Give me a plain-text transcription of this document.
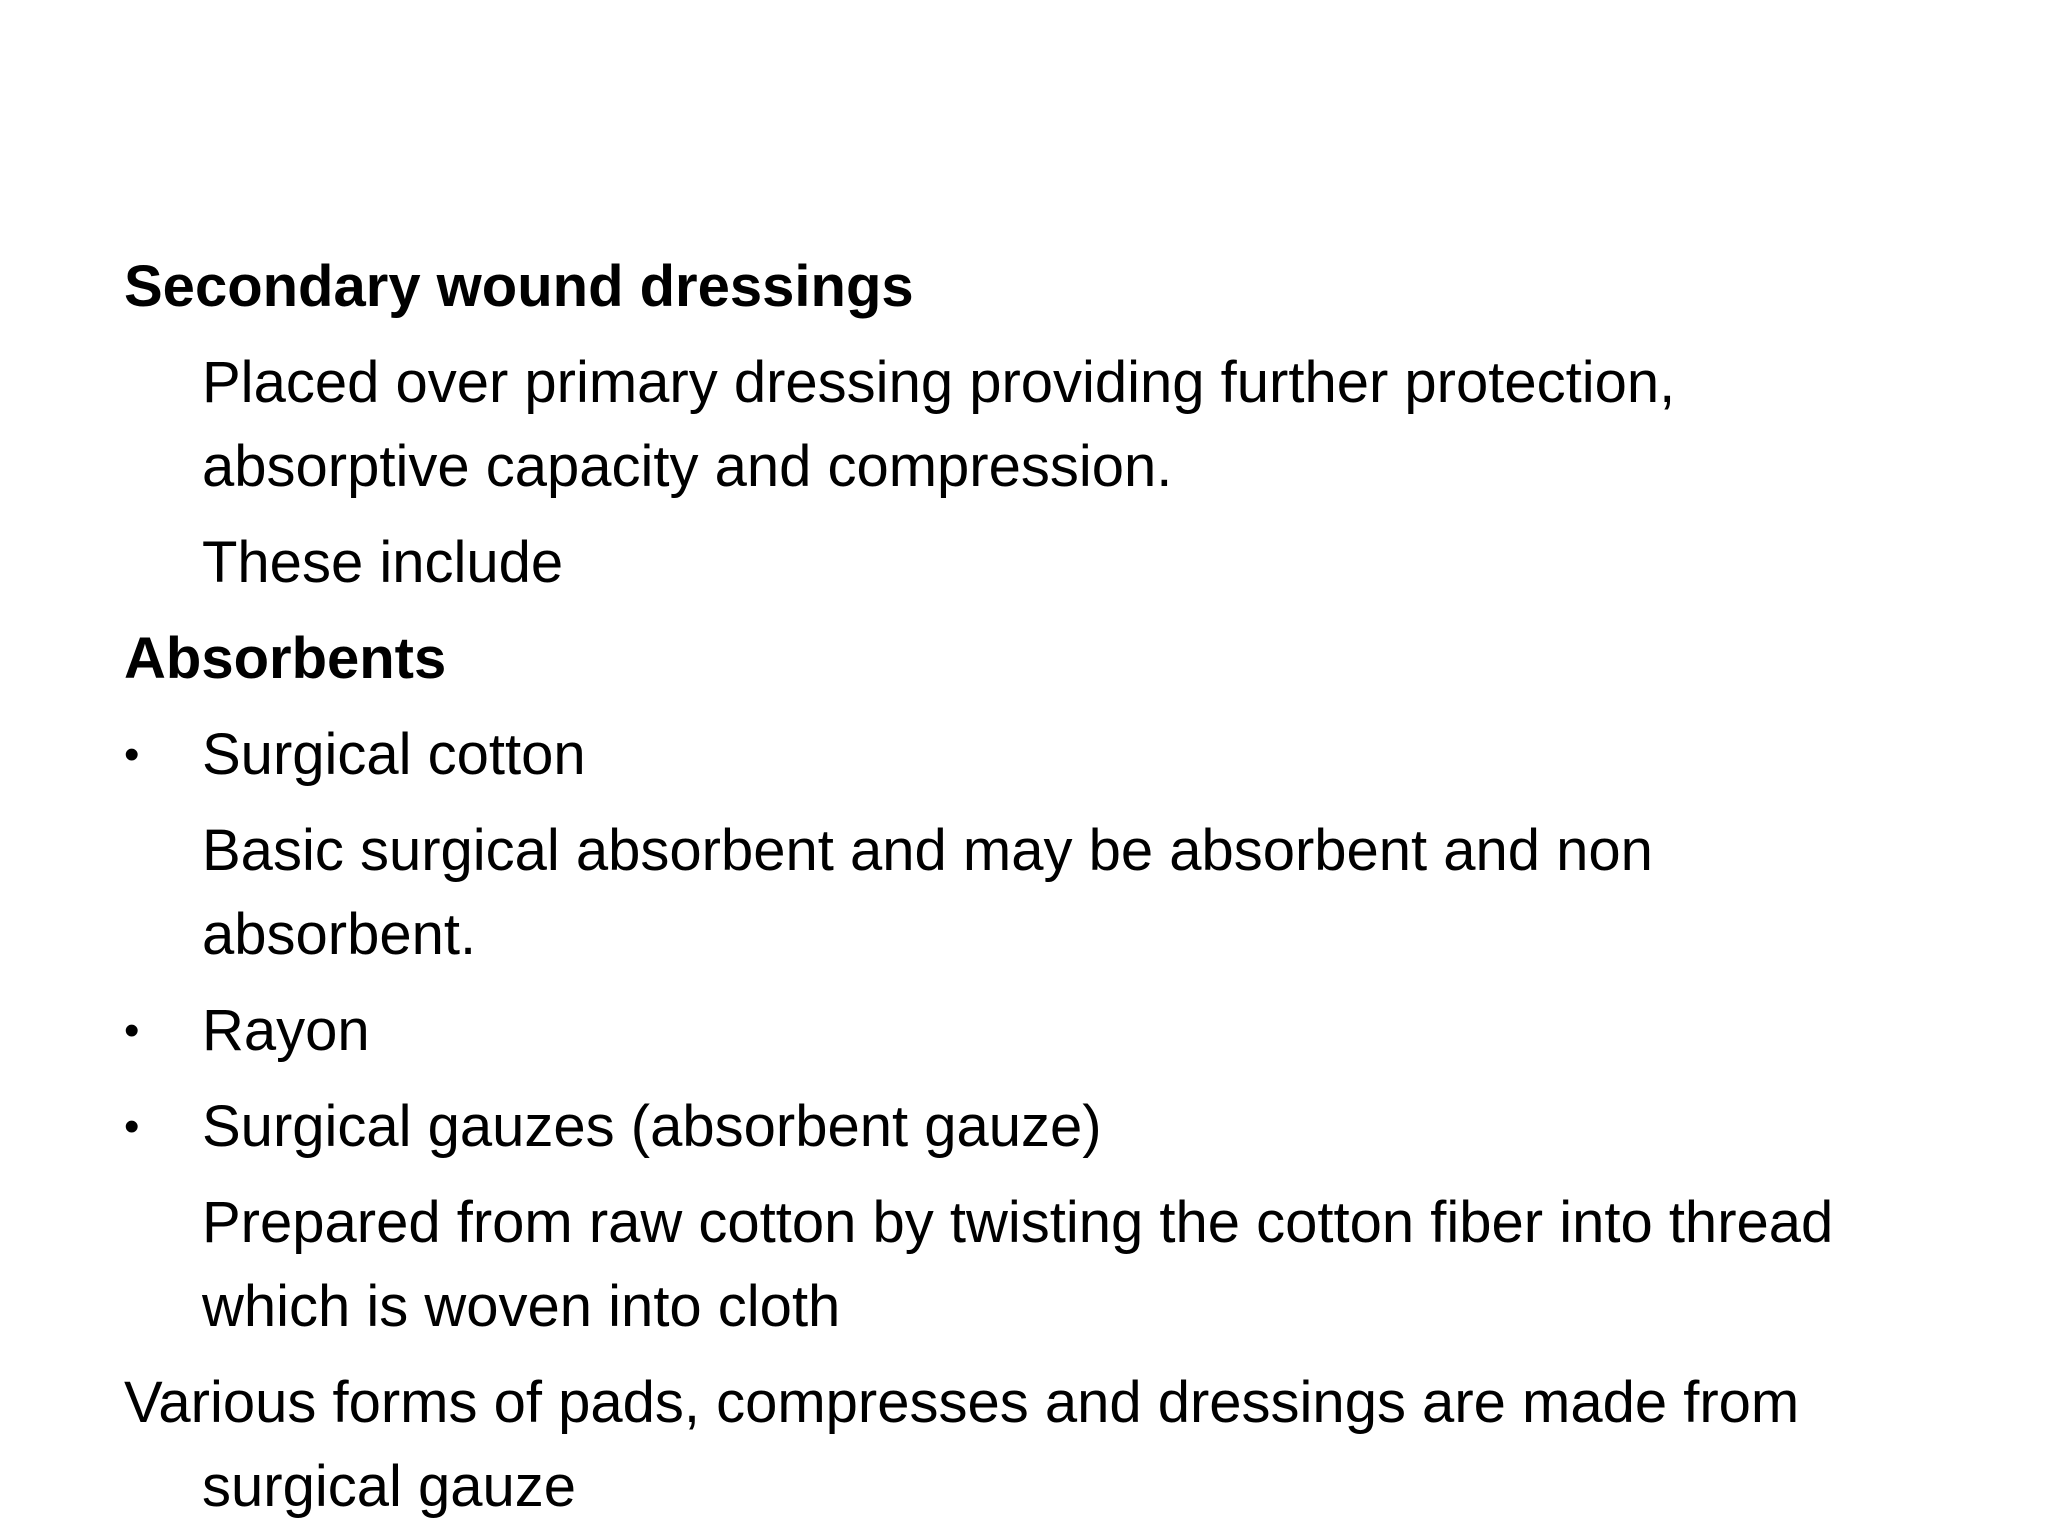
Secondary wound dressings

Placed over primary dressing providing further protection, absorptive capacity and compression.

These include

Absorbents

•	Surgical cotton

Basic surgical absorbent and may be absorbent and non absorbent.

•	Rayon
•	Surgical gauzes (absorbent gauze)

Prepared from raw cotton by twisting the cotton fiber into thread which is woven into cloth

Various forms of pads, compresses and dressings are made from surgical gauze
